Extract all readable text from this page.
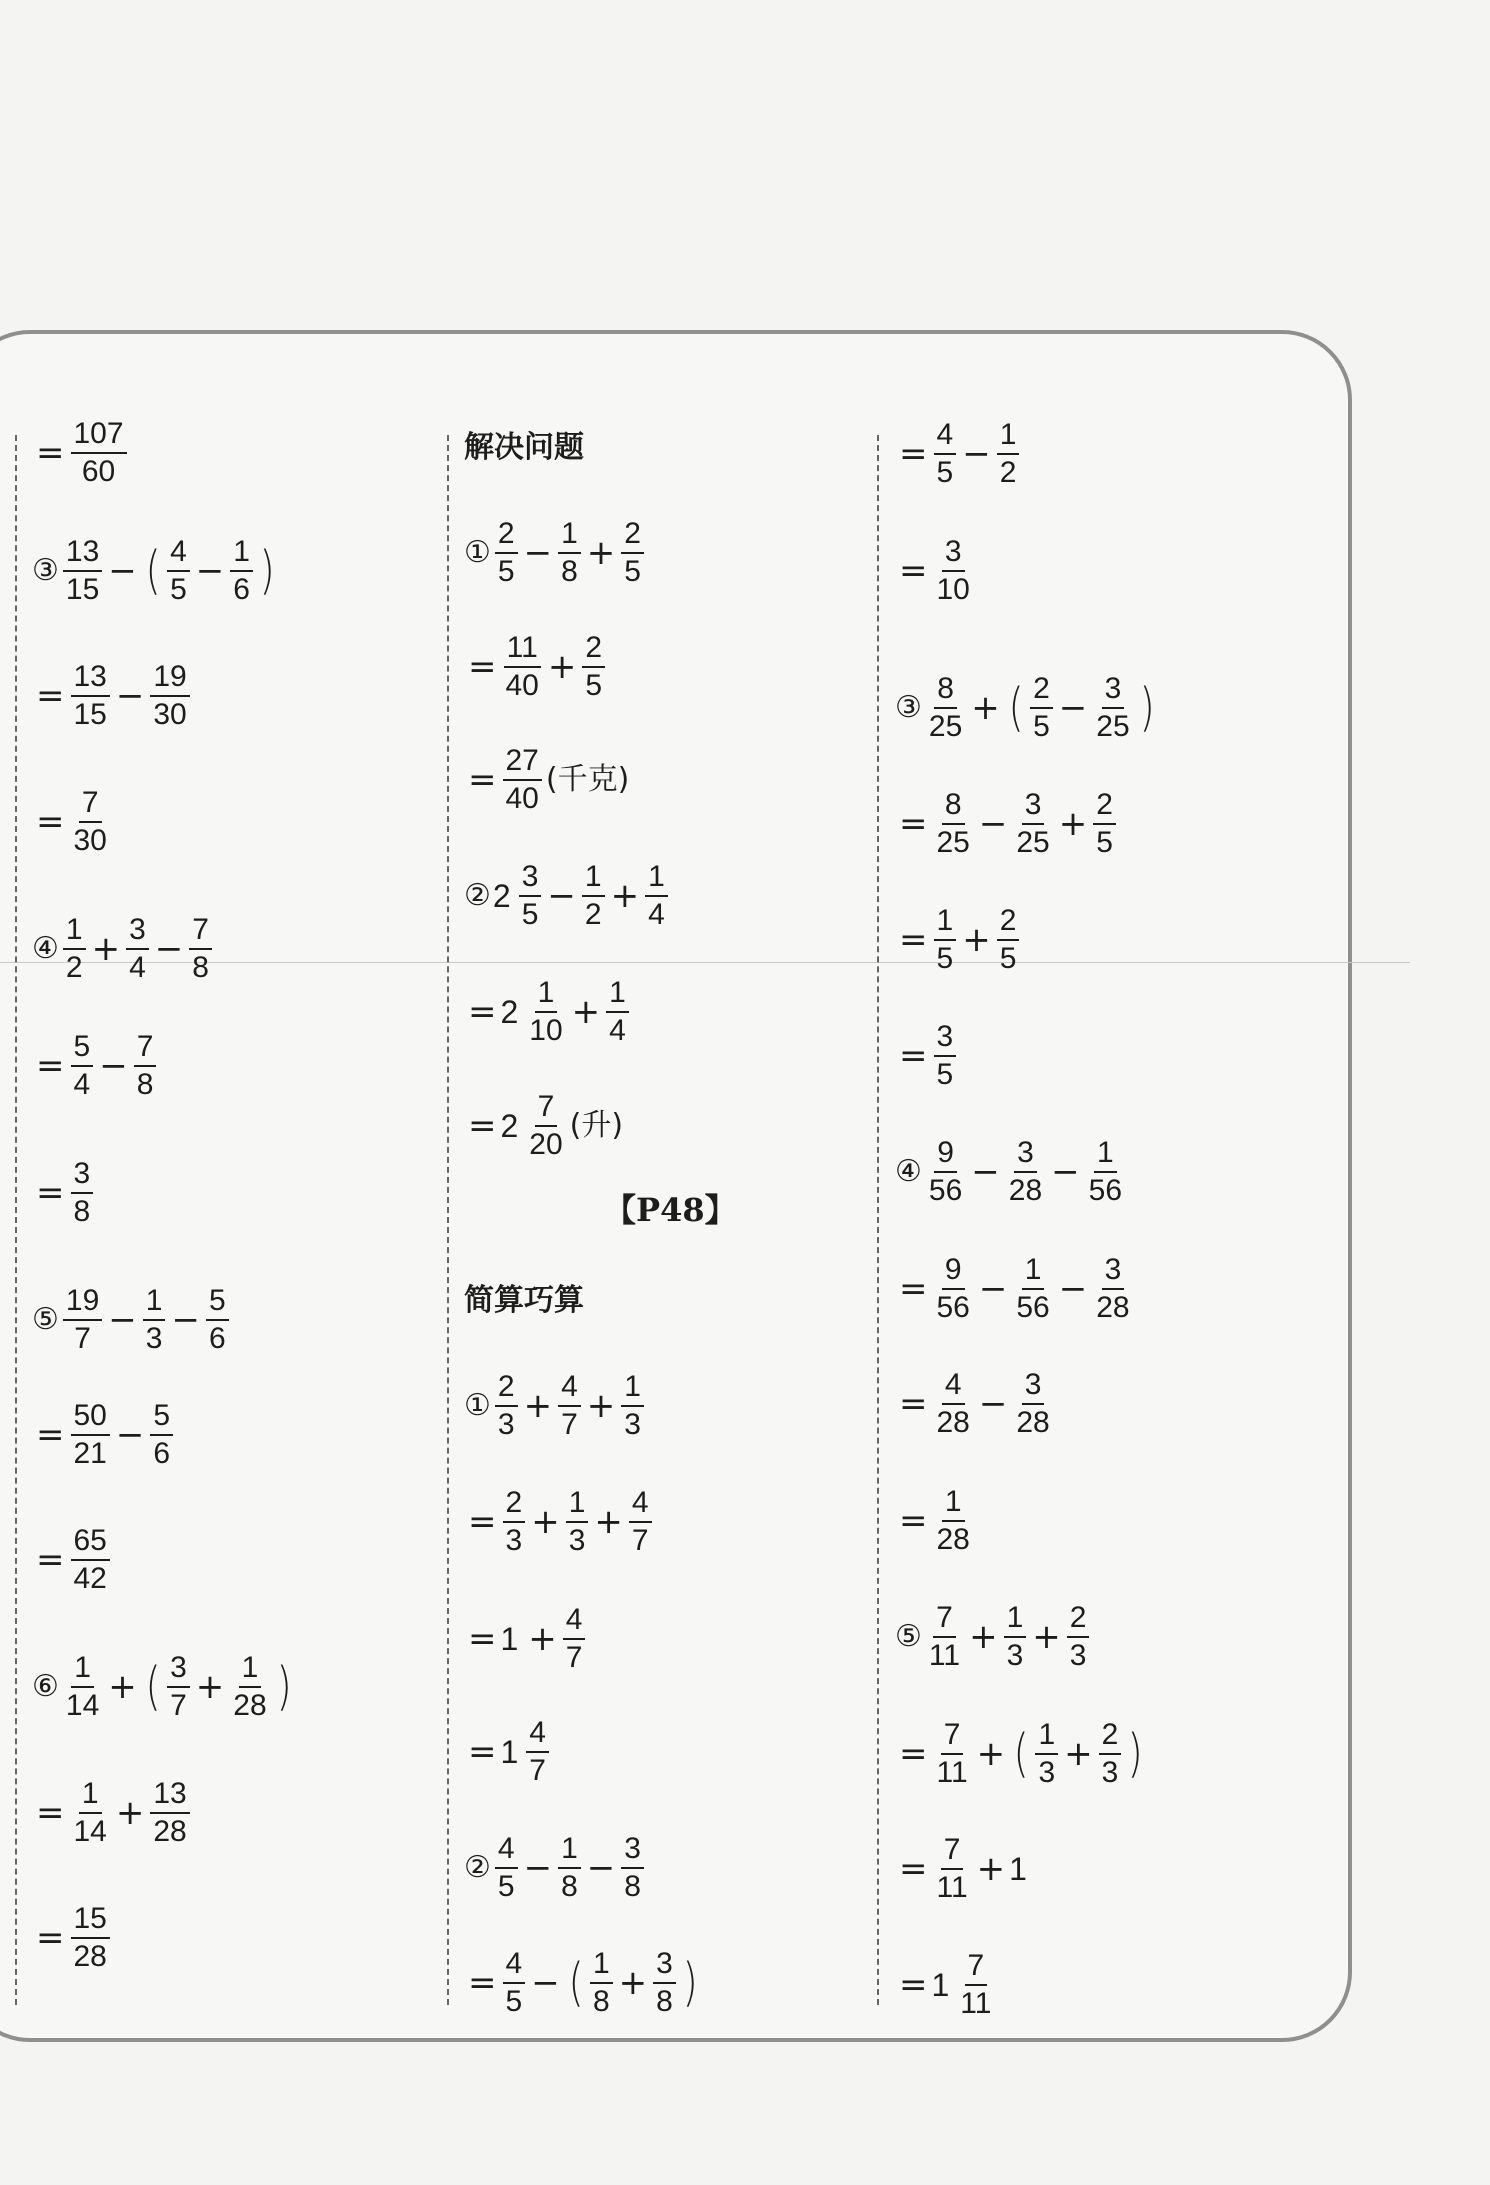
= $\frac{107}{60}$
③ $\frac{13}{15}$ − ( $\frac{4}{5} - \frac{1}{6}$ )
= $\frac{13}{15} - \frac{19}{30}$
= $\frac{7}{30}$
④ $\frac{1}{2} + \frac{3}{4} - \frac{7}{8}$
= $\frac{5}{4} - \frac{7}{8}$
= $\frac{3}{8}$
⑤ $\frac{19}{7} - \frac{1}{3} - \frac{5}{6}$
= $\frac{50}{21} - \frac{5}{6}$
= $\frac{65}{42}$
⑥ $\frac{1}{14}$ + ( $\frac{3}{7} + \frac{1}{28}$ )
= $\frac{1}{14} + \frac{13}{28}$
= $\frac{15}{28}$
解决问题
① $\frac{2}{5} - \frac{1}{8} + \frac{2}{5}$
= $\frac{11}{40} + \frac{2}{5}$
= $\frac{27}{40}$ (千克)
② $2 \frac{3}{5} - \frac{1}{2} + \frac{1}{4}$
= $2 \frac{1}{10} + \frac{1}{4}$
= $2 \frac{7}{20}$ (升)
【P48】
简算巧算
① $\frac{2}{3} + \frac{4}{7} + \frac{1}{3}$
= $\frac{2}{3} + \frac{1}{3} + \frac{4}{7}$
= $1 + \frac{4}{7}$
= $1 \frac{4}{7}$
② $\frac{4}{5} - \frac{1}{8} - \frac{3}{8}$
= $\frac{4}{5}$ − ( $\frac{1}{8} + \frac{3}{8}$ )
= $\frac{4}{5} - \frac{1}{2}$
= $\frac{3}{10}$
③ $\frac{8}{25}$ + ( $\frac{2}{5} - \frac{3}{25}$ )
= $\frac{8}{25} - \frac{3}{25} + \frac{2}{5}$
= $\frac{1}{5} + \frac{2}{5}$
= $\frac{3}{5}$
④ $\frac{9}{56} - \frac{3}{28} - \frac{1}{56}$
= $\frac{9}{56} - \frac{1}{56} - \frac{3}{28}$
= $\frac{4}{28} - \frac{3}{28}$
= $\frac{1}{28}$
⑤ $\frac{7}{11} + \frac{1}{3} + \frac{2}{3}$
= $\frac{7}{11}$ + ( $\frac{1}{3} + \frac{2}{3}$ )
= $\frac{7}{11} + 1$
= $1 \frac{7}{11}$
